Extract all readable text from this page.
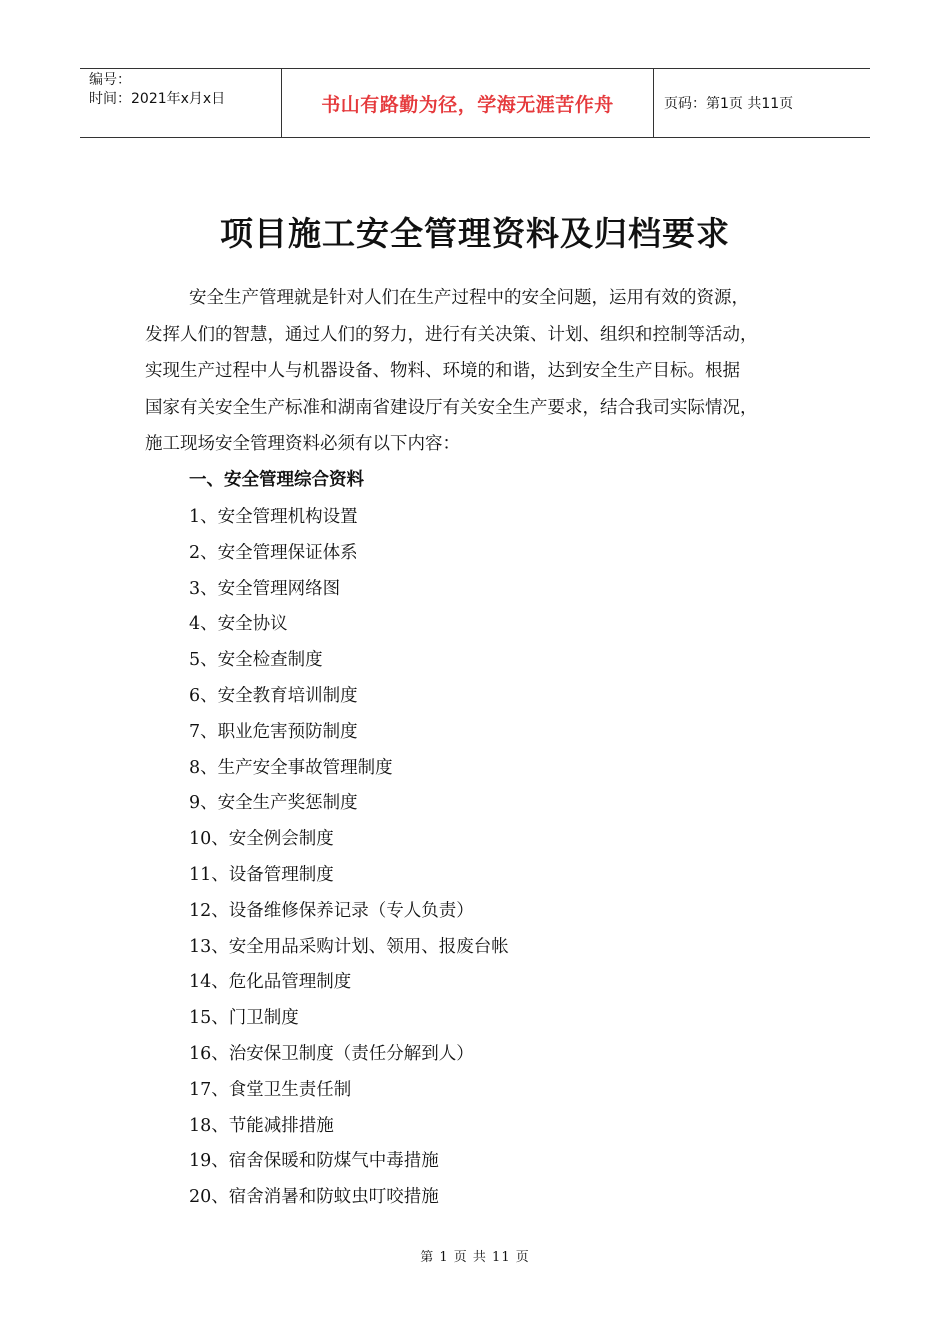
编号：
时间：2021年x月x日	书山有路勤为径，学海无涯苦作舟	页码：第1页 共11页
项目施工安全管理资料及归档要求
安全生产管理就是针对人们在生产过程中的安全问题，运用有效的资源，
发挥人们的智慧，通过人们的努力，进行有关决策、计划、组织和控制等活动，
实现生产过程中人与机器设备、物料、环境的和谐，达到安全生产目标。根据
国家有关安全生产标准和湖南省建设厅有关安全生产要求，结合我司实际情况，
施工现场安全管理资料必须有以下内容：
一、安全管理综合资料
1、安全管理机构设置
2、安全管理保证体系
3、安全管理网络图
4、安全协议
5、安全检查制度
6、安全教育培训制度
7、职业危害预防制度
8、生产安全事故管理制度
9、安全生产奖惩制度
10、安全例会制度
11、设备管理制度
12、设备维修保养记录（专人负责）
13、安全用品采购计划、领用、报废台帐
14、危化品管理制度
15、门卫制度
16、治安保卫制度（责任分解到人）
17、食堂卫生责任制
18、节能减排措施
19、宿舍保暖和防煤气中毒措施
20、宿舍消暑和防蚊虫叮咬措施
第 1 页 共 11 页
